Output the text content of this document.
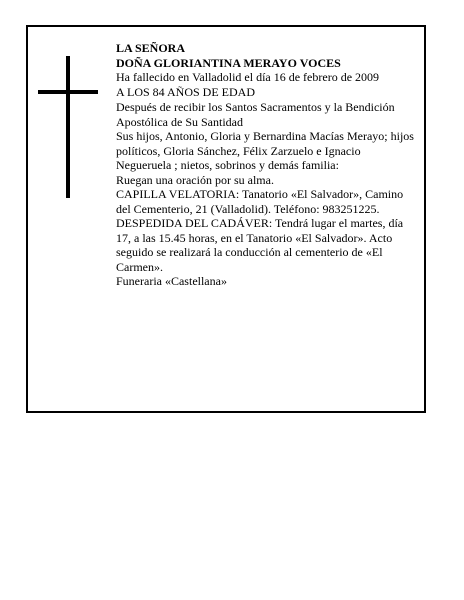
LA SEÑORA

DOÑA GLORIANTINA MERAYO VOCES

Ha fallecido en Valladolid el día 16 de febrero de 2009

A LOS 84 AÑOS DE EDAD

Después de recibir los Santos Sacramentos y la Bendición Apostólica de Su Santidad

Sus hijos, Antonio, Gloria y Bernardina Macías Merayo; hijos políticos, Gloria Sánchez, Félix Zarzuelo e Ignacio Negueruela ; nietos, sobrinos y demás familia:

Ruegan una oración por su alma.

CAPILLA VELATORIA: Tanatorio «El Salvador», Camino del Cementerio, 21 (Valladolid). Teléfono: 983251225.

DESPEDIDA DEL CADÁVER: Tendrá lugar el martes, día 17, a las 15.45 horas, en el Tanatorio «El Salvador». Acto seguido se realizará la conducción al cementerio de «El Carmen».

Funeraria «Castellana»
